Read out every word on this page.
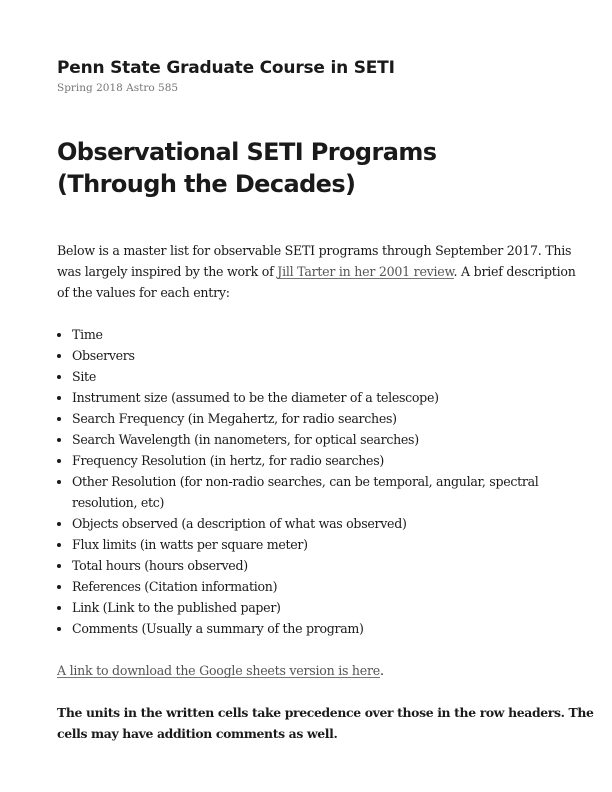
Penn State Graduate Course in SETI

Spring 2018 Astro 585

Observational SETI Programs
(Through the Decades)

Below is a master list for observable SETI programs through September 2017. This
was largely inspired by the work of Jill Tarter in her 2001 review. A brief description
of the values for each entry:

• Time
• Observers
• Site
• Instrument size (assumed to be the diameter of a telescope)
• Search Frequency (in Megahertz, for radio searches)
• Search Wavelength (in nanometers, for optical searches)
• Frequency Resolution (in hertz, for radio searches)
• Other Resolution (for non-radio searches, can be temporal, angular, spectral
resolution, etc)
• Objects observed (a description of what was observed)
• Flux limits (in watts per square meter)
• Total hours (hours observed)
• References (Citation information)
• Link (Link to the published paper)
• Comments (Usually a summary of the program)

A link to download the Google sheets version is here.

The units in the written cells take precedence over those in the row headers. The
cells may have addition comments as well.
